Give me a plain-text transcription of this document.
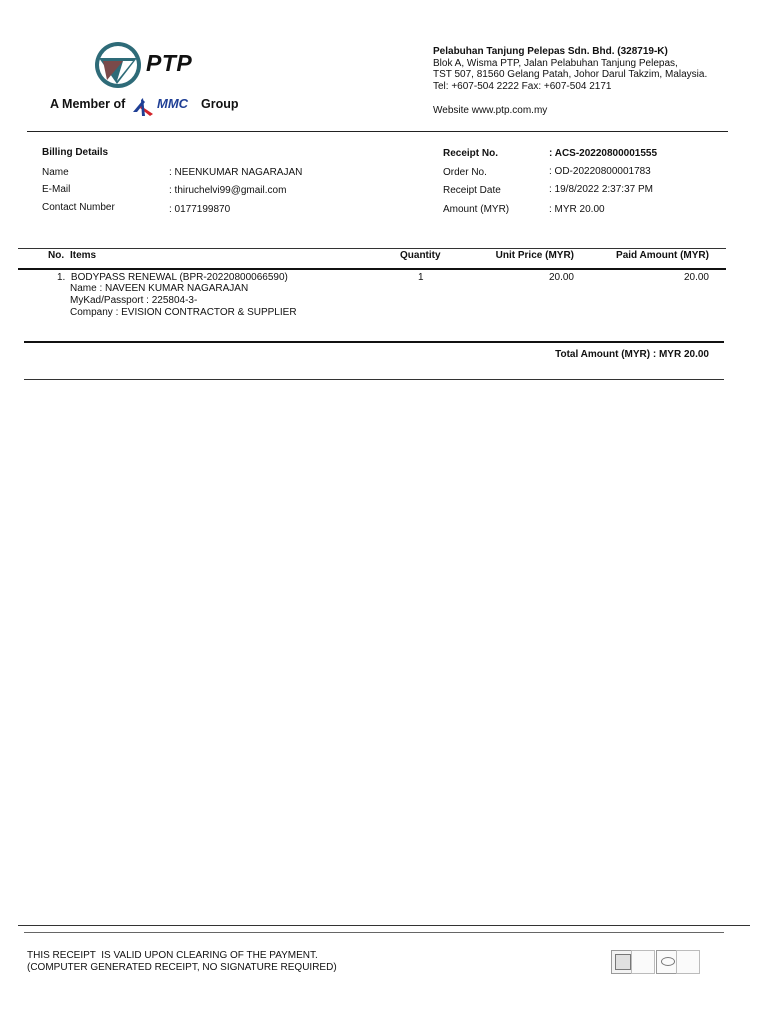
PTP
A Member of MMC Group
Pelabuhan Tanjung Pelepas Sdn. Bhd. (328719-K)
Blok A, Wisma PTP, Jalan Pelabuhan Tanjung Pelepas,
TST 507, 81560 Gelang Patah, Johor Darul Takzim, Malaysia.
Tel: +607-504 2222 Fax: +607-504 2171
Website www.ptp.com.my
Billing Details
Name	: NEENKUMAR NAGARAJAN
E-Mail	: thiruchelvi99@gmail.com
Contact Number	: 0177199870
Receipt No.	: ACS-20220800001555
Order No.	: OD-20220800001783
Receipt Date	: 19/8/2022 2:37:37 PM
Amount (MYR)	: MYR 20.00
No. Items	Quantity	Unit Price (MYR)	Paid Amount (MYR)
1.  BODYPASS RENEWAL (BPR-20220800066590)
Name : NAVEEN KUMAR NAGARAJAN
MyKad/Passport : 225804-3-
Company : EVISION CONTRACTOR & SUPPLIER
1	20.00	20.00
Total Amount (MYR) : MYR 20.00
THIS RECEIPT  IS VALID UPON CLEARING OF THE PAYMENT.
(COMPUTER GENERATED RECEIPT, NO SIGNATURE REQUIRED)
